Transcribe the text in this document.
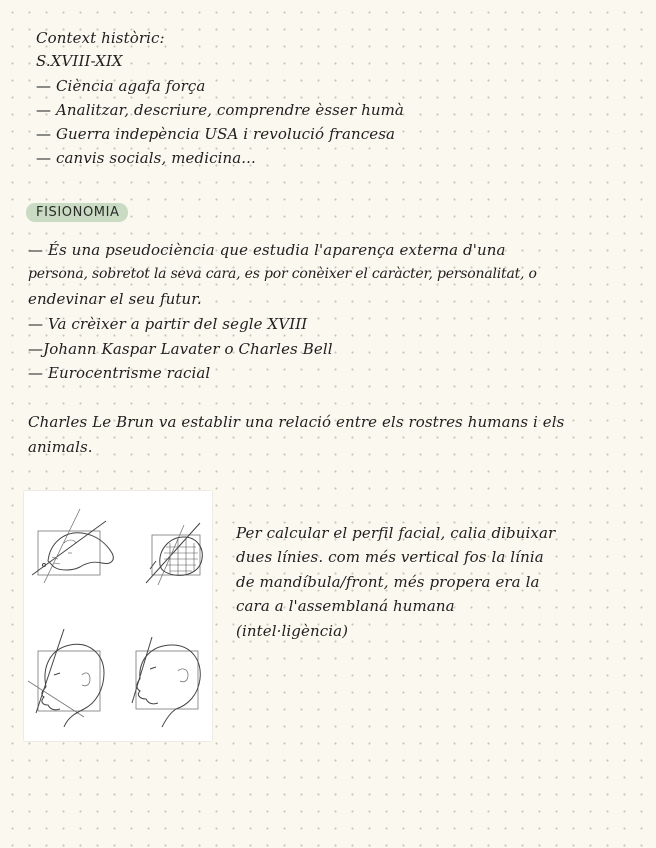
Context històric:
S.XVIII-XIX
— Ciència agafa força
— Analitzar, descriure, comprendre èsser humà
— Guerra indepència USA i revolució francesa
— canvis socials, medicina...
FISIONOMIA
— És una pseudociència que estudia l'aparença externa d'una
persona, sobretot la seva cara, es por conèixer el caràcter, personalitat, o
endevinar el seu futur.
— Va crèixer a partir del segle XVIII
—Johann Kaspar Lavater o Charles Bell
— Eurocentrisme racial
Charles Le Brun va establir una relació entre els rostres humans i els
animals.
Per calcular el perfil facial, calia dibuixar
dues línies. com més vertical fos la línia
de mandíbula/front, més propera era la
cara a l'assemblaná humana
(intel·ligència)
